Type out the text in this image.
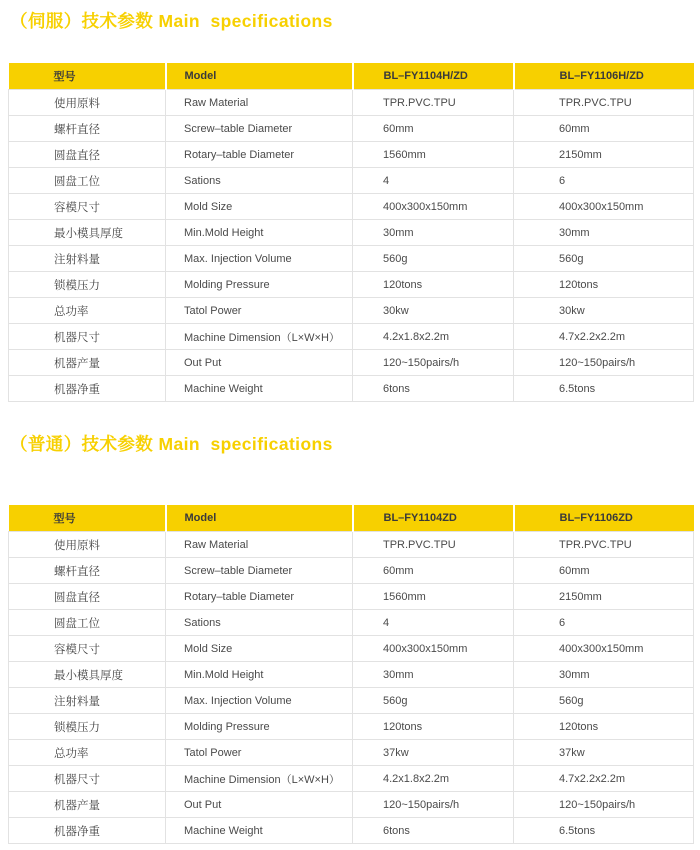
（伺服）技术参数 Main  specifications
型号	Model	BL–FY1104H/ZD	BL–FY1106H/ZD
使用原料	Raw Material	TPR.PVC.TPU	TPR.PVC.TPU
螺杆直径	Screw–table Diameter	60mm	60mm
圆盘直径	Rotary–table Diameter	1560mm	2150mm
圆盘工位	Sations	4	6
容模尺寸	Mold Size	400x300x150mm	400x300x150mm
最小模具厚度	Min.Mold Height	30mm	30mm
注射料量	Max. Injection Volume	560g	560g
锁模压力	Molding Pressure	120tons	120tons
总功率	Tatol Power	30kw	30kw
机器尺寸	Machine Dimension（L×W×H）	4.2x1.8x2.2m	4.7x2.2x2.2m
机器产量	Out Put	120~150pairs/h	120~150pairs/h
机器净重	Machine Weight	6tons	6.5tons
（普通）技术参数 Main  specifications
型号	Model	BL–FY1104ZD	BL–FY1106ZD
使用原料	Raw Material	TPR.PVC.TPU	TPR.PVC.TPU
螺杆直径	Screw–table Diameter	60mm	60mm
圆盘直径	Rotary–table Diameter	1560mm	2150mm
圆盘工位	Sations	4	6
容模尺寸	Mold Size	400x300x150mm	400x300x150mm
最小模具厚度	Min.Mold Height	30mm	30mm
注射料量	Max. Injection Volume	560g	560g
锁模压力	Molding Pressure	120tons	120tons
总功率	Tatol Power	37kw	37kw
机器尺寸	Machine Dimension（L×W×H）	4.2x1.8x2.2m	4.7x2.2x2.2m
机器产量	Out Put	120~150pairs/h	120~150pairs/h
机器净重	Machine Weight	6tons	6.5tons
